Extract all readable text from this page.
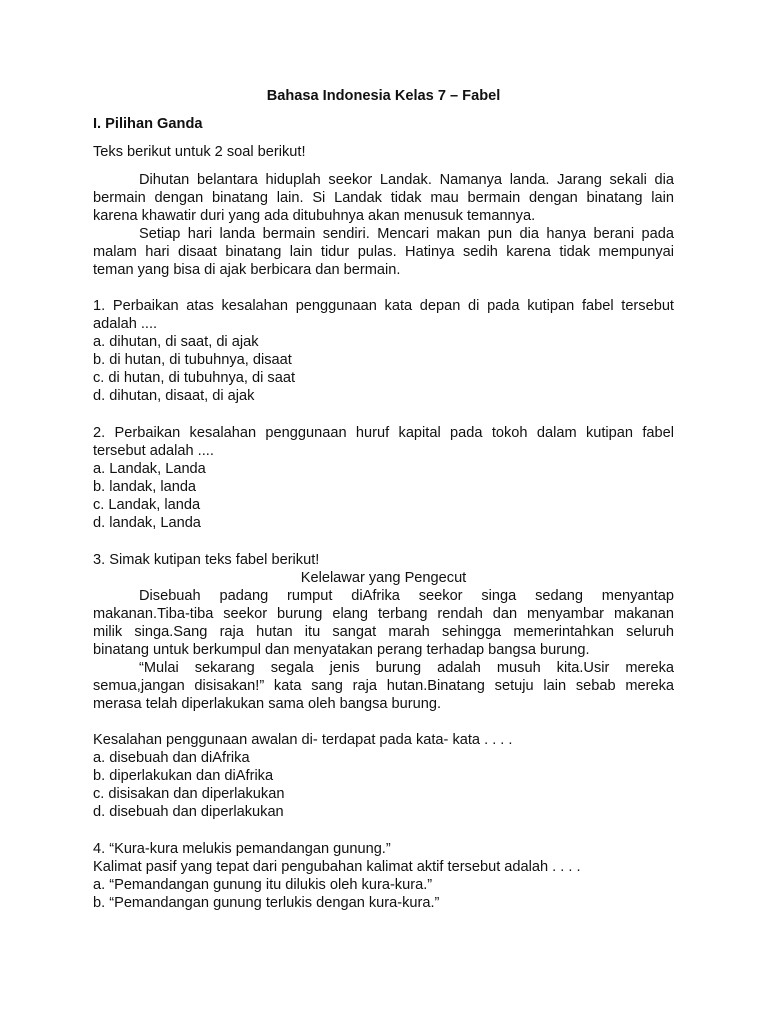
Bahasa Indonesia Kelas 7 – Fabel
I. Pilihan Ganda
Teks berikut untuk 2 soal berikut!
Dihutan belantara hiduplah seekor Landak. Namanya landa. Jarang sekali dia
bermain dengan binatang lain. Si Landak tidak mau bermain dengan binatang lain
karena khawatir duri yang ada ditubuhnya akan menusuk temannya.
Setiap hari landa bermain sendiri. Mencari makan pun dia hanya berani pada
malam hari disaat binatang lain tidur pulas. Hatinya sedih karena tidak mempunyai
teman yang bisa di ajak berbicara dan bermain.
1. Perbaikan atas kesalahan penggunaan kata depan di pada kutipan fabel tersebut
adalah ....
a. dihutan, di saat, di ajak
b. di hutan, di tubuhnya, disaat
c. di hutan, di tubuhnya, di saat
d. dihutan, disaat, di ajak
2. Perbaikan kesalahan penggunaan huruf kapital pada tokoh dalam kutipan fabel
tersebut adalah ....
a. Landak, Landa
b. landak, landa
c. Landak, landa
d. landak, Landa
3. Simak kutipan teks fabel berikut!
Kelelawar yang Pengecut
Disebuah padang rumput diAfrika seekor singa sedang menyantap
makanan.Tiba-tiba seekor burung elang terbang rendah dan menyambar makanan
milik singa.Sang raja hutan itu sangat marah sehingga memerintahkan seluruh
binatang untuk berkumpul dan menyatakan perang terhadap bangsa burung.
“Mulai sekarang segala jenis burung adalah musuh kita.Usir mereka
semua,jangan disisakan!” kata sang raja hutan.Binatang setuju lain sebab mereka
merasa telah diperlakukan sama oleh bangsa burung.
Kesalahan penggunaan awalan di- terdapat pada kata- kata . . . .
a. disebuah dan diAfrika
b. diperlakukan dan diAfrika
c. disisakan dan diperlakukan
d. disebuah dan diperlakukan
4. “Kura-kura melukis pemandangan gunung.”
Kalimat pasif yang tepat dari pengubahan kalimat aktif tersebut adalah . . . .
a. “Pemandangan gunung itu dilukis oleh kura-kura.”
b. “Pemandangan gunung terlukis dengan kura-kura.”
